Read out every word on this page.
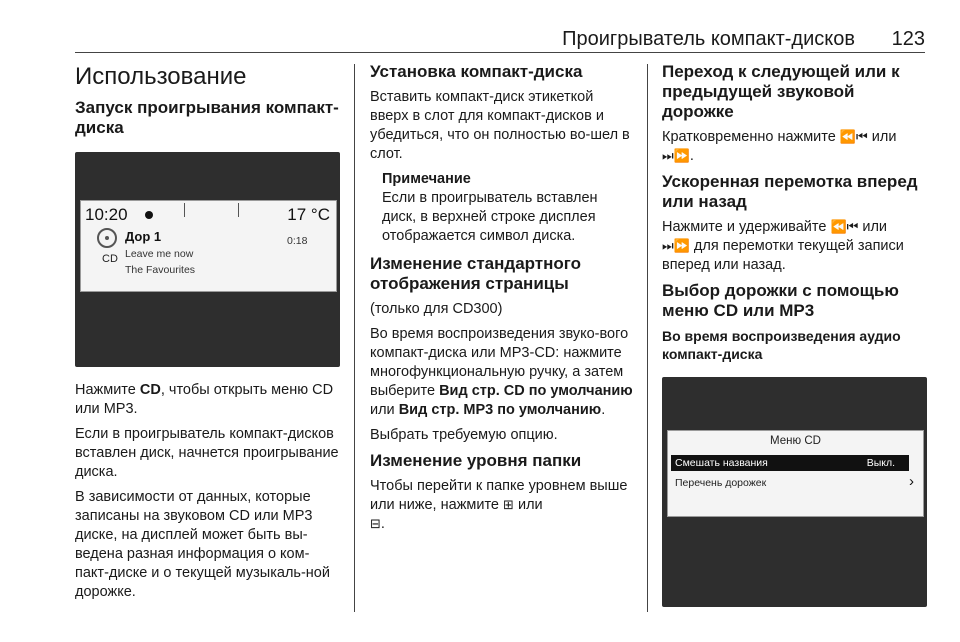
Проигрыватель компакт-дисков 123
Использование
Запуск проигрывания компакт-диска
10:20	17 °C
CD
Дор 1
Leave me now
The Favourites
0:18

Нажмите CD, чтобы открыть меню CD или MP3.

Если в проигрыватель компакт-дисков вставлен диск, начнется проигрывание диска.

В зависимости от данных, которые записаны на звуковом CD или MP3 диске, на дисплей может быть вы-ведена разная информация о ком-пакт-диске и о текущей музыкаль-ной дорожке.

Установка компакт-диска

Вставить компакт-диск этикеткой вверх в слот для компакт-дисков и убедиться, что он полностью во-шел в слот.

Примечание

Если в проигрыватель вставлен диск, в верхней строке дисплея отображается символ диска.

Изменение стандартного отображения страницы

(только для CD300)

Во время воспроизведения звуко-вого компакт-диска или MP3-CD: нажмите многофункциональную ручку, а затем выберите Вид стр. CD по умолчанию или Вид стр. MP3 по умолчанию.

Выбрать требуемую опцию.

Изменение уровня папки

Чтобы перейти к папке уровнем выше или ниже, нажмите ⊞ или
⊟.

Переход к следующей или к предыдущей звуковой дорожке

Кратковременно нажмите ⏪⏮ или
⏭⏩.

Ускоренная перемотка вперед или назад

Нажмите и удерживайте ⏪⏮ или
⏭⏩ для перемотки текущей записи вперед или назад.

Выбор дорожки с помощью меню CD или MP3
Во время воспроизведения аудио компакт-диска
Меню CD
Смешать названия	Выкл.
Перечень дорожек	›
